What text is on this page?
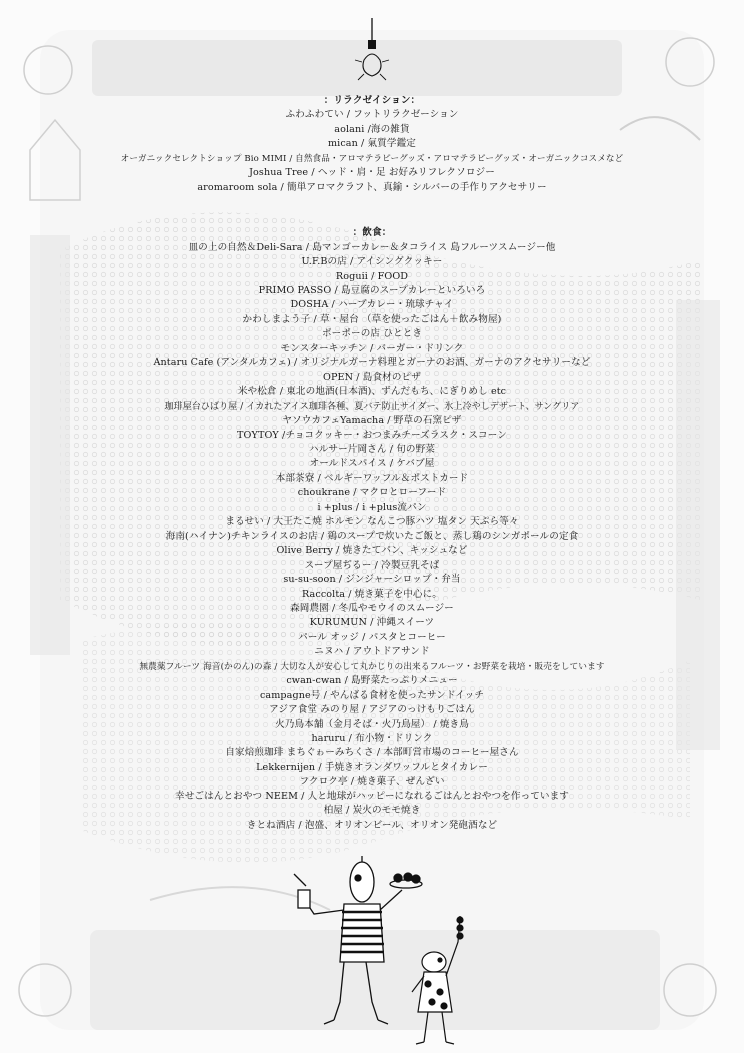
：リラクゼイション：
ふわふわてい / フットリラクゼーション
aolani /海の雑貨
mican / 氣質学鑑定
オーガニックセレクトショップ Bio MIMI / 自然食品・アロマテラピーグッズ・アロマテラピーグッズ・オーガニックコスメなど
Joshua Tree / ヘッド・肩・足 お好みリフレクソロジー
aromaroom sola / 簡単アロマクラフト、真鍮・シルバーの手作りアクセサリー
：飲食：
皿の上の自然＆Deli-Sara / 島マンゴーカレー＆タコライス 島フルーツスムージー他
U.F.Bの店 / アイシングクッキー
Roguii / FOOD
PRIMO PASSO / 島豆腐のスープカレーといろいろ
DOSHA / ハーブカレー・琉球チャイ
かわしまよう子 / 草・屋台 （草を使ったごはん＋飲み物屋)
ポーポーの店 ひととき
モンスターキッチン / バーガー・ドリンク
Antaru Cafe (アンタルカフェ) / オリジナルガーナ料理とガーナのお酒、ガーナのアクセサリーなど
OPEN / 島食材のピザ
米や松倉 / 東北の地酒(日本酒)、ずんだもち、にぎりめし etc
珈琲屋台ひばり屋 / イカれたアイス珈琲各種、夏バテ防止サイダー、氷上冷やしデザート、サングリア
ヤソウカフェYamacha / 野草の石窯ピザ
TOYTOY /チョコクッキー・おつまみチーズラスク・スコーン
ハルサー片岡さん / 旬の野菜
オールドスパイス / ケバブ屋
本部茶寮 / ベルギーワッフル＆ポストカード
choukrane / マクロとローフード
i +plus / i +plus流パン
まるせい / 大王たこ焼 ホルモン なんこつ豚ハツ 塩タン 天ぷら等々
海南(ハイナン)チキンライスのお店 / 鶏のスープで炊いたご飯と、蒸し鶏のシンガポールの定食
Olive Berry / 焼きたてパン、キッシュなど
スープ屋ぢるー / 冷製豆乳そば
su-su-soon / ジンジャーシロップ・弁当
Raccolta / 焼き菓子を中心に。
森岡農園 / 冬瓜やモウイのスムージー
KURUMUN / 沖縄スイーツ
パール オッジ / パスタとコーヒー
ニヌハ / アウトドアサンド
無農薬フルーツ 海音(かのん)の森 / 大切な人が安心して丸かじりの出来るフルーツ・お野菜を栽培・販売をしています
cwan-cwan / 島野菜たっぷりメニュー
campagne号 / やんばる食材を使ったサンドイッチ
アジア食堂 みのり屋 / アジアのっけもりごはん
火乃鳥本舗（金月そば・火乃鳥屋） / 焼き鳥
haruru / 布小物・ドリンク
自家焙煎珈琲 まちぐゎーみちくさ / 本部町営市場のコーヒー屋さん
Lekkernijen / 手焼きオランダワッフルとタイカレー
フクロク亭 / 焼き菓子、ぜんざい
幸せごはんとおやつ NEEM / 人と地球がハッピーになれるごはんとおやつを作っています
柏屋 / 炭火のモモ焼き
きとね酒店 / 泡盛、オリオンビール、オリオン発砲酒など
